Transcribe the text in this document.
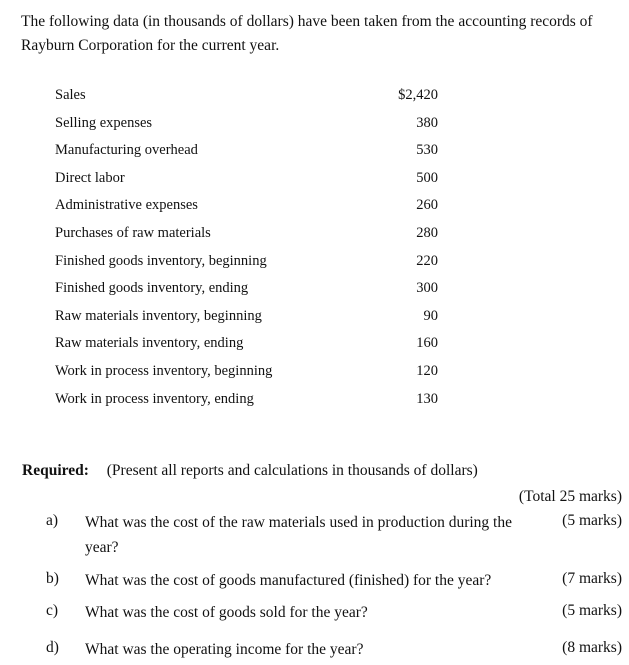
The following data (in thousands of dollars) have been taken from the accounting records of Rayburn Corporation for the current year.

Sales	$2,420
Selling expenses	380
Manufacturing overhead	530
Direct labor	500
Administrative expenses	260
Purchases of raw materials	280
Finished goods inventory, beginning	220
Finished goods inventory, ending	300
Raw materials inventory, beginning	90
Raw materials inventory, ending	160
Work in process inventory, beginning	120
Work in process inventory, ending	130
Required: (Present all reports and calculations in thousands of dollars)
(Total 25 marks)
a) What was the cost of the raw materials used in production during the year?
(5 marks)
b) What was the cost of goods manufactured (finished) for the year?	(7 marks)
c) What was the cost of goods sold for the year?	(5 marks)
d) What was the operating income for the year?	(8 marks)
